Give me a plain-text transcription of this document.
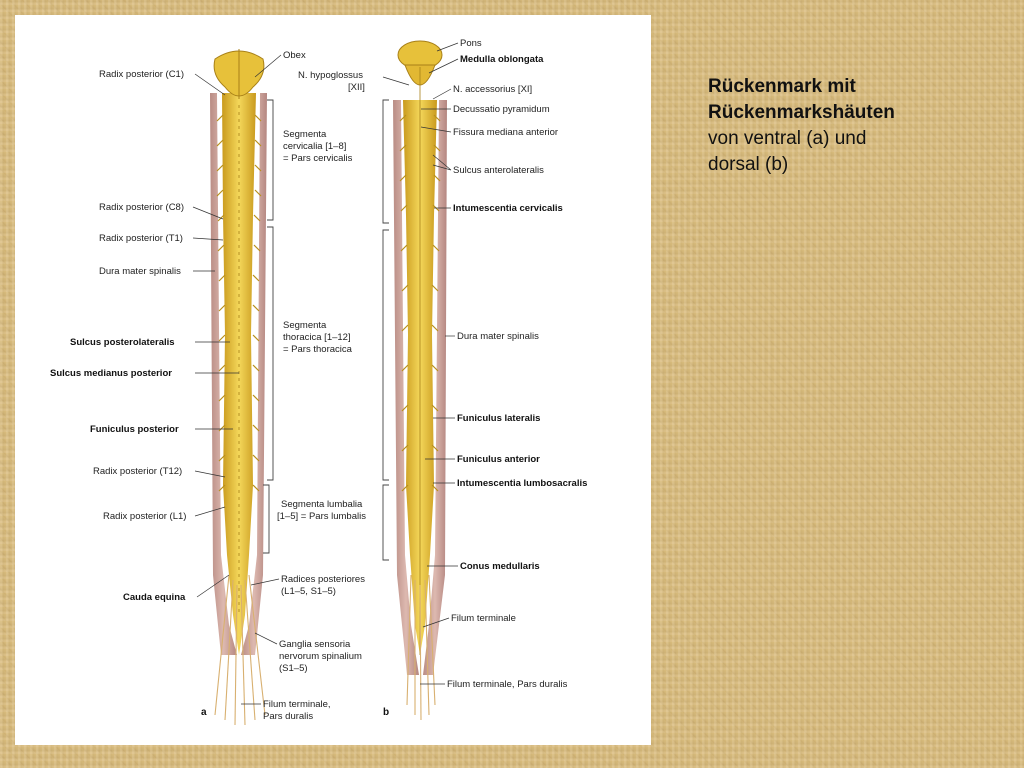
Rückenmark mit
Rückenmarkshäuten
von ventral (a) und
dorsal (b)
Obex
Radix posterior (C1)
Segmenta
cervicalia [1–8]
= Pars cervicalis
Radix posterior (C8)
Radix posterior (T1)
Dura mater spinalis
Segmenta
thoracica [1–12]
= Pars thoracica
Sulcus posterolateralis
Sulcus medianus posterior
Funiculus posterior
Radix posterior (T12)
Segmenta lumbalia
[1–5] = Pars lumbalis
Radix posterior (L1)
Cauda equina
Radices posteriores
(L1–5, S1–5)
Ganglia sensoria
nervorum spinalium
(S1–5)
Filum terminale,
Pars duralis
a
Pons
Medulla oblongata
N. hypoglossus
[XII]	N. accessorius [XI]
Decussatio pyramidum
Fissura mediana anterior
Sulcus anterolateralis
Intumescentia cervicalis
Dura mater spinalis
Funiculus lateralis
Funiculus anterior
Intumescentia lumbosacralis
Conus medullaris
Filum terminale
Filum terminale, Pars duralis
b
